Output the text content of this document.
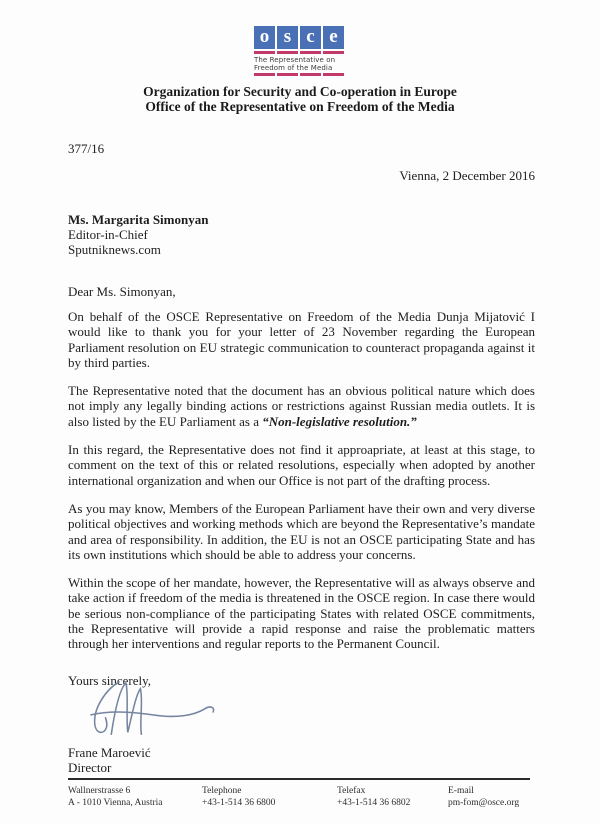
o s c e
The Representative on
Freedom of the Media
Organization for Security and Co-operation in Europe
Office of the Representative on Freedom of the Media
377/16
Vienna, 2 December 2016
Ms. Margarita Simonyan
Editor-in-Chief
Sputniknews.com
Dear Ms. Simonyan,

On behalf of the OSCE Representative on Freedom of the Media Dunja Mijatović I would like to thank you for your letter of 23 November regarding the European Parliament resolution on EU strategic communication to counteract propaganda against it by third parties.

The Representative noted that the document has an obvious political nature which does not imply any legally binding actions or restrictions against Russian media outlets. It is also listed by the EU Parliament as a “Non-legislative resolution.”

In this regard, the Representative does not find it approapriate, at least at this stage, to comment on the text of this or related resolutions, especially when adopted by another international organization and when our Office is not part of the drafting process.

As you may know, Members of the European Parliament have their own and very diverse political objectives and working methods which are beyond the Representative’s mandate and area of responsibility. In addition, the EU is not an OSCE participating State and has its own institutions which should be able to address your concerns.

Within the scope of her mandate, however, the Representative will as always observe and take action if freedom of the media is threatened in the OSCE region. In case there would be serious non-compliance of the participating States with related OSCE commitments, the Representative will provide a rapid response and raise the problematic matters through her interventions and regular reports to the Permanent Council.

Yours sincerely,
Frane Maroević
Director
Wallnerstrasse 6
A - 1010 Vienna, Austria
Telephone
+43-1-514 36 6800
Telefax
+43-1-514 36 6802
E-mail
pm-fom@osce.org
